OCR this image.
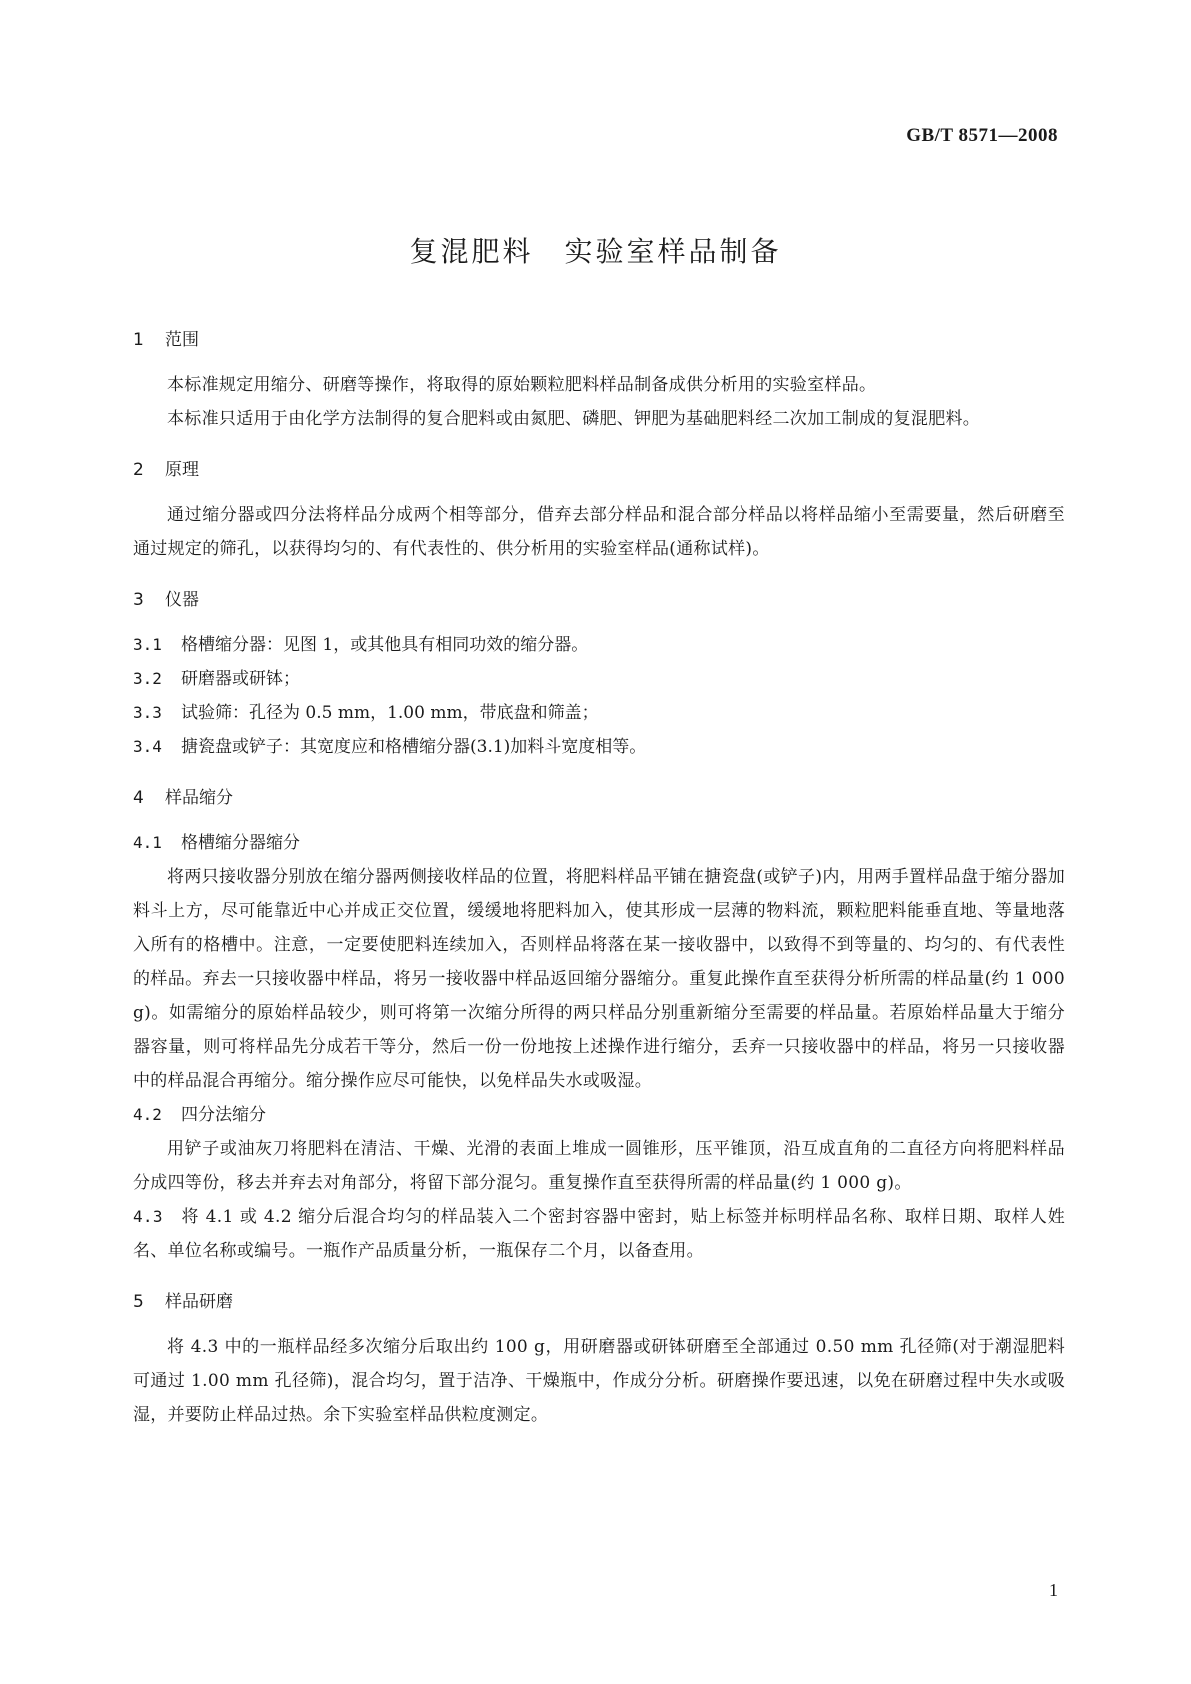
GB/T 8571—2008
复混肥料　实验室样品制备
1 范围

本标准规定用缩分、研磨等操作，将取得的原始颗粒肥料样品制备成供分析用的实验室样品。

本标准只适用于由化学方法制得的复合肥料或由氮肥、磷肥、钾肥为基础肥料经二次加工制成的复混肥料。

2 原理

通过缩分器或四分法将样品分成两个相等部分，借弃去部分样品和混合部分样品以将样品缩小至需要量，然后研磨至通过规定的筛孔，以获得均匀的、有代表性的、供分析用的实验室样品(通称试样)。

3 仪器
3.1 格槽缩分器：见图 1，或其他具有相同功效的缩分器。
3.2 研磨器或研钵；
3.3 试验筛：孔径为 0.5 mm，1.00 mm，带底盘和筛盖；
3.4 搪瓷盘或铲子：其宽度应和格槽缩分器(3.1)加料斗宽度相等。
4 样品缩分
4.1 格槽缩分器缩分

将两只接收器分别放在缩分器两侧接收样品的位置，将肥料样品平铺在搪瓷盘(或铲子)内，用两手置样品盘于缩分器加料斗上方，尽可能靠近中心并成正交位置，缓缓地将肥料加入，使其形成一层薄的物料流，颗粒肥料能垂直地、等量地落入所有的格槽中。注意，一定要使肥料连续加入，否则样品将落在某一接收器中，以致得不到等量的、均匀的、有代表性的样品。弃去一只接收器中样品，将另一接收器中样品返回缩分器缩分。重复此操作直至获得分析所需的样品量(约 1 000 g)。如需缩分的原始样品较少，则可将第一次缩分所得的两只样品分别重新缩分至需要的样品量。若原始样品量大于缩分器容量，则可将样品先分成若干等分，然后一份一份地按上述操作进行缩分，丢弃一只接收器中的样品，将另一只接收器中的样品混合再缩分。缩分操作应尽可能快，以免样品失水或吸湿。

4.2 四分法缩分

用铲子或油灰刀将肥料在清洁、干燥、光滑的表面上堆成一圆锥形，压平锥顶，沿互成直角的二直径方向将肥料样品分成四等份，移去并弃去对角部分，将留下部分混匀。重复操作直至获得所需的样品量(约 1 000 g)。

4.3 将 4.1 或 4.2 缩分后混合均匀的样品装入二个密封容器中密封，贴上标签并标明样品名称、取样日期、取样人姓名、单位名称或编号。一瓶作产品质量分析，一瓶保存二个月，以备查用。

5 样品研磨

将 4.3 中的一瓶样品经多次缩分后取出约 100 g，用研磨器或研钵研磨至全部通过 0.50 mm 孔径筛(对于潮湿肥料可通过 1.00 mm 孔径筛)，混合均匀，置于洁净、干燥瓶中，作成分分析。研磨操作要迅速，以免在研磨过程中失水或吸湿，并要防止样品过热。余下实验室样品供粒度测定。

1
